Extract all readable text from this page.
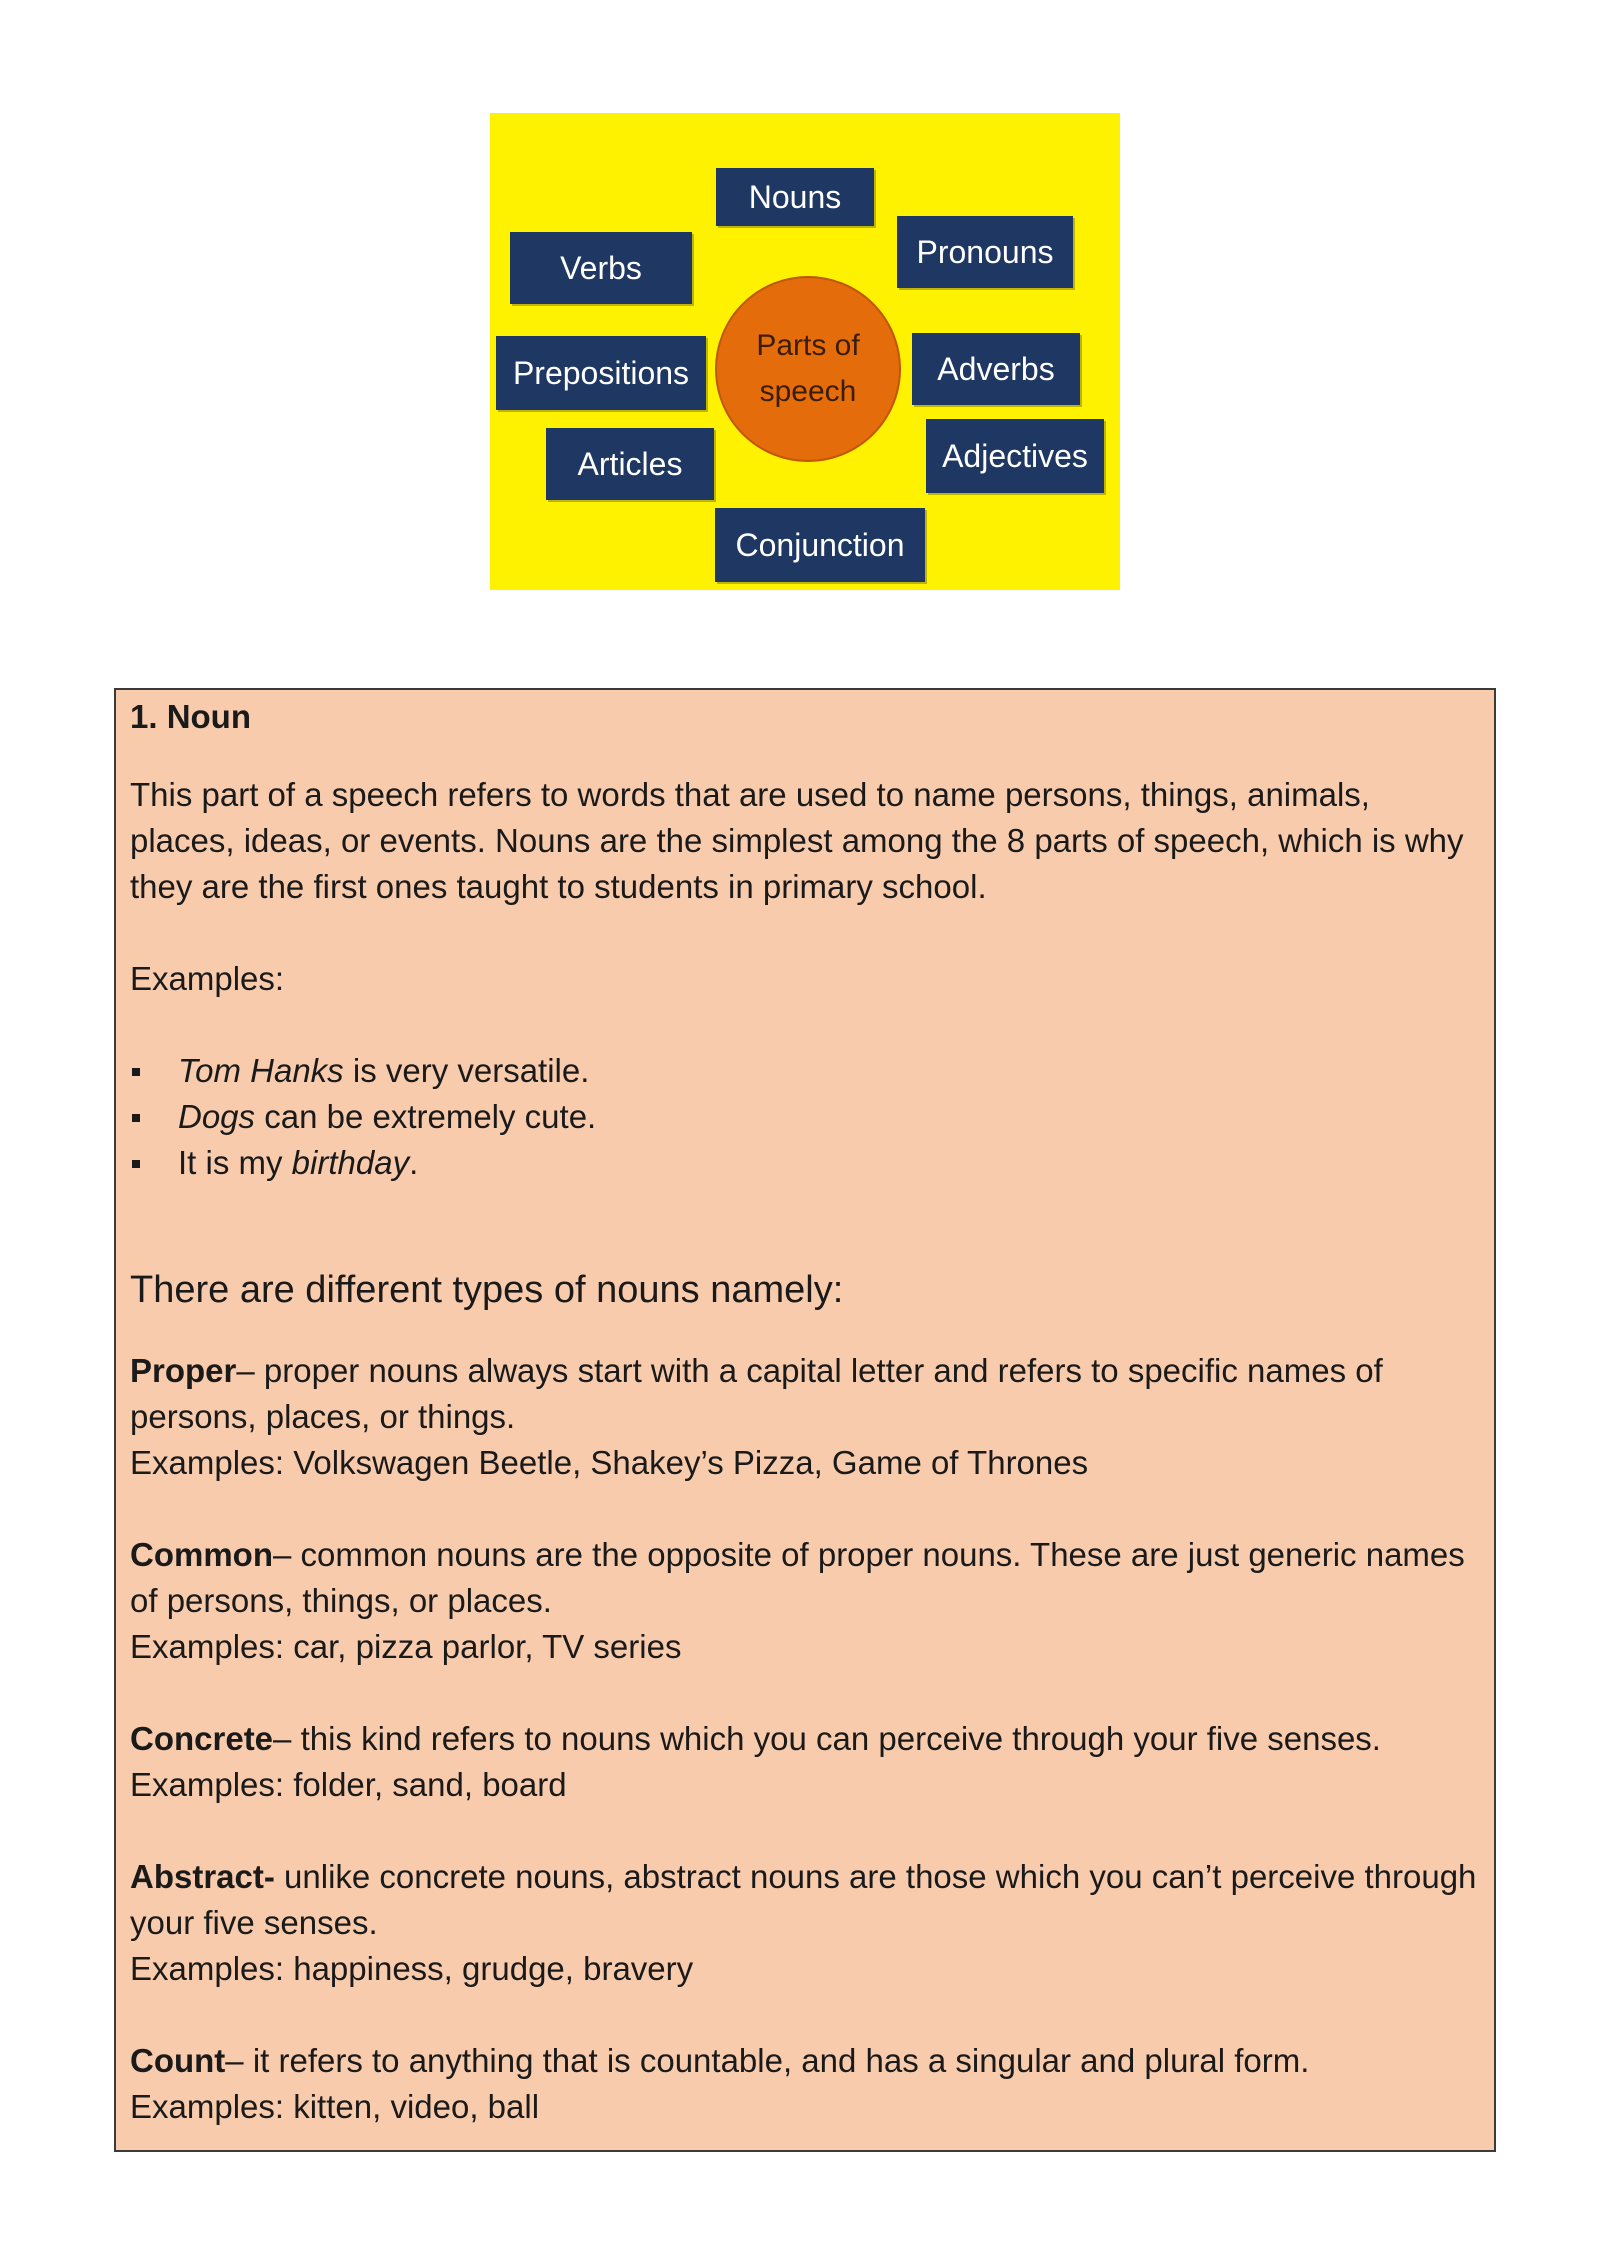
Nouns
Verbs	Pronouns
Parts of
speech
Prepositions	Adverbs
Articles	Adjectives
Conjunction

1. Noun

This part of a speech refers to words that are used to name persons, things, animals, places, ideas, or events. Nouns are the simplest among the 8 parts of speech, which is why they are the first ones taught to students in primary school.

Examples:

Tom Hanks is very versatile.
Dogs can be extremely cute.
It is my birthday.

There are different types of nouns namely:

Proper– proper nouns always start with a capital letter and refers to specific names of persons, places, or things.

Examples: Volkswagen Beetle, Shakey’s Pizza, Game of Thrones

Common– common nouns are the opposite of proper nouns. These are just generic names of persons, things, or places.

Examples: car, pizza parlor, TV series

Concrete– this kind refers to nouns which you can perceive through your five senses.

Examples: folder, sand, board

Abstract- unlike concrete nouns, abstract nouns are those which you can’t perceive through your five senses.

Examples: happiness, grudge, bravery

Count– it refers to anything that is countable, and has a singular and plural form.

Examples: kitten, video, ball
